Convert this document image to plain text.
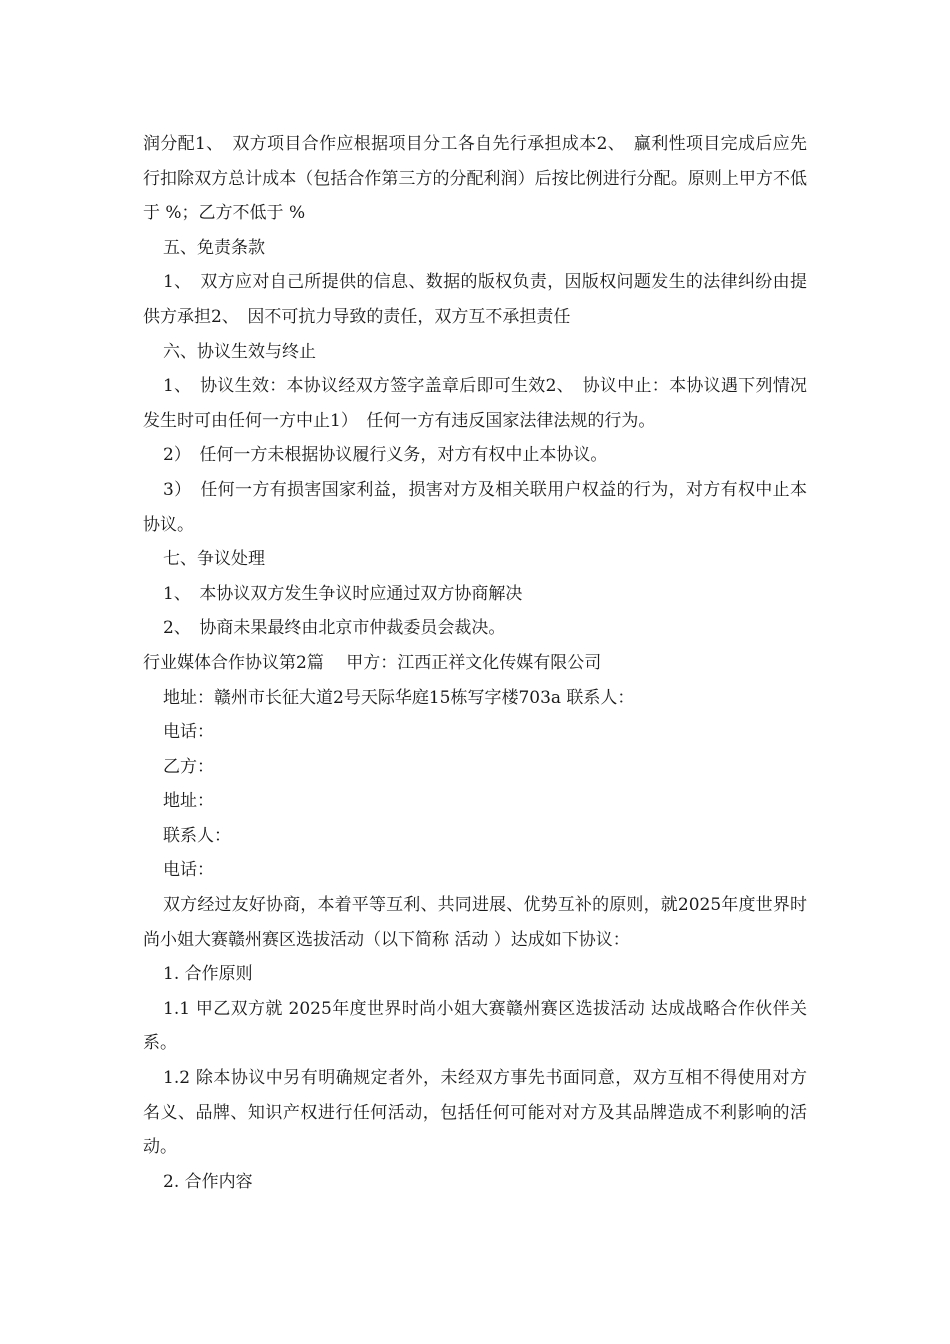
润分配1、　双方项目合作应根据项目分工各自先行承担成本2、　赢利性项目完成后应先行扣除双方总计成本（包括合作第三方的分配利润）后按比例进行分配。原则上甲方不低于 %；乙方不低于 %

五、免责条款

1、　双方应对自己所提供的信息、数据的版权负责，因版权问题发生的法律纠纷由提供方承担2、　因不可抗力导致的责任，双方互不承担责任

六、协议生效与终止

1、　协议生效：本协议经双方签字盖章后即可生效2、　协议中止：本协议遇下列情况发生时可由任何一方中止1）　任何一方有违反国家法律法规的行为。

2）　任何一方未根据协议履行义务，对方有权中止本协议。

3）　任何一方有损害国家利益，损害对方及相关联用户权益的行为，对方有权中止本协议。

七、争议处理

1、　本协议双方发生争议时应通过双方协商解决

2、　协商未果最终由北京市仲裁委员会裁决。

行业媒体合作协议第2篇　 甲方：江西正祥文化传媒有限公司

地址：赣州市长征大道2号天际华庭15栋写字楼703a 联系人：

电话：

乙方：

地址：

联系人：

电话：

双方经过友好协商，本着平等互利、共同进展、优势互补的原则，就2025年度世界时尚小姐大赛赣州赛区选拔活动（以下简称 活动 ）达成如下协议：

1. 合作原则

1.1 甲乙双方就 2025年度世界时尚小姐大赛赣州赛区选拔活动 达成战略合作伙伴关系。

1.2 除本协议中另有明确规定者外，未经双方事先书面同意，双方互相不得使用对方名义、品牌、知识产权进行任何活动，包括任何可能对对方及其品牌造成不利影响的活动。

2. 合作内容
